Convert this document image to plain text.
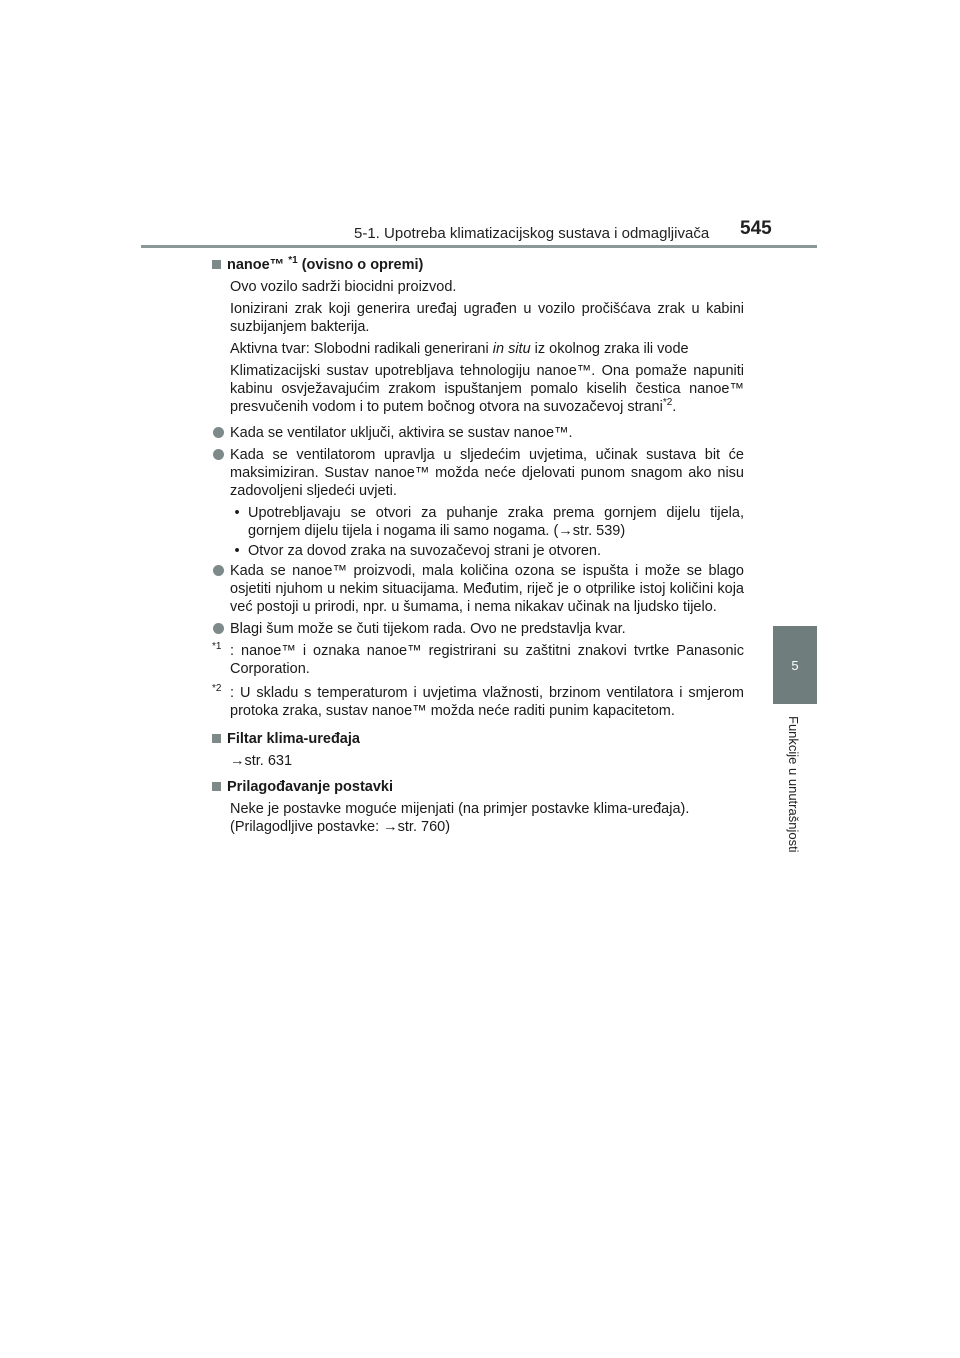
5-1. Upotreba klimatizacijskog sustava i odmagljivača 545
5
Funkcije u unutrašnjosti
nanoe™ $^{*1}$ (ovisno o opremi)

Ovo vozilo sadrži biocidni proizvod.

Ionizirani zrak koji generira uređaj ugrađen u vozilo pročišćava zrak u kabini suzbijanjem bakterija.

Aktivna tvar: Slobodni radikali generirani in situ iz okolnog zraka ili vode

Klimatizacijski sustav upotrebljava tehnologiju nanoe™. Ona pomaže napuniti kabinu osvježavajućim zrakom ispuštanjem pomalo kiselih čestica nanoe™ presvučenih vodom i to putem bočnog otvora na suvozačevoj strani$^{*2}$.

Kada se ventilator uključi, aktivira se sustav nanoe™.
Kada se ventilatorom upravlja u sljedećim uvjetima, učinak sustava bit će maksimiziran. Sustav nanoe™ možda neće djelovati punom snagom ako nisu zadovoljeni sljedeći uvjeti.
• Upotrebljavaju se otvori za puhanje zraka prema gornjem dijelu tijela, gornjem dijelu tijela i nogama ili samo nogama. (→str. 539)
• Otvor za dovod zraka na suvozačevoj strani je otvoren.
Kada se nanoe™ proizvodi, mala količina ozona se ispušta i može se blago osjetiti njuhom u nekim situacijama. Međutim, riječ je o otprilike istoj količini koja već postoji u prirodi, npr. u šumama, i nema nikakav učinak na ljudsko tijelo.
Blagi šum može se čuti tijekom rada. Ovo ne predstavlja kvar.
$^{*1}$ : nanoe™ i oznaka nanoe™ registrirani su zaštitni znakovi tvrtke Panasonic Corporation.
$^{*2}$ : U skladu s temperaturom i uvjetima vlažnosti, brzinom ventilatora i smjerom protoka zraka, sustav nanoe™ možda neće raditi punim kapacitetom.
Filtar klima-uređaja

→str. 631

Prilagođavanje postavki

Neke je postavke moguće mijenjati (na primjer postavke klima-uređaja).

(Prilagodljive postavke: →str. 760)
